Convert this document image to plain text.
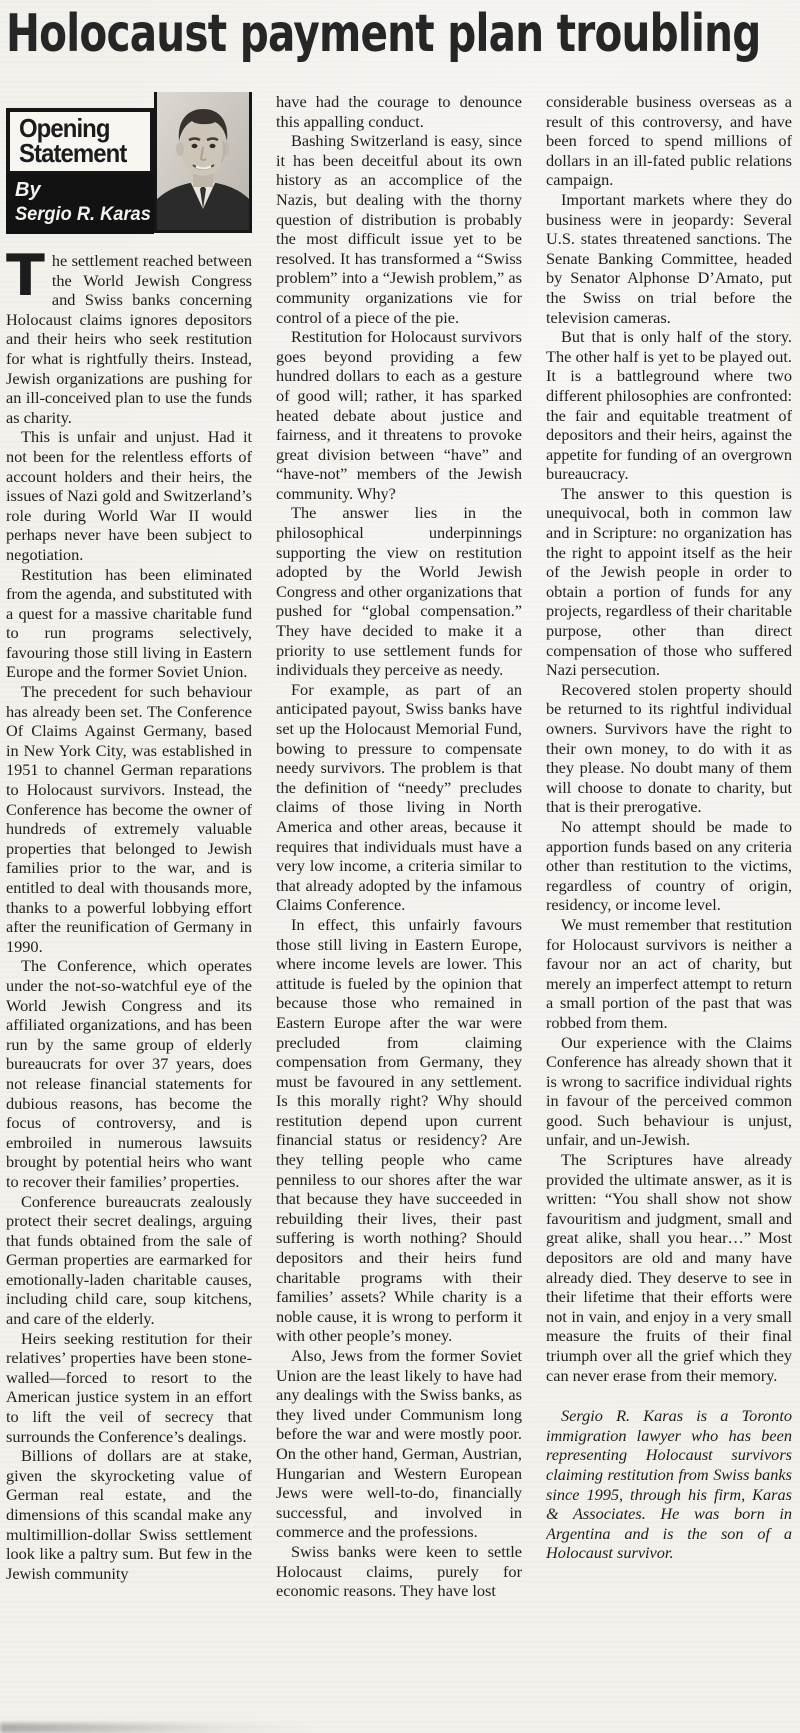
Holocaust payment plan troubling
Opening
Statement
By
Sergio R. Karas

The settlement reached between the World Jewish Congress and Swiss banks concerning Holocaust claims ignores depositors and their heirs who seek restitution for what is rightfully theirs. Instead, Jewish organizations are pushing for an ill-conceived plan to use the funds as charity.

This is unfair and unjust. Had it not been for the relentless efforts of account holders and their heirs, the issues of Nazi gold and Switzerland’s role during World War II would perhaps never have been subject to negotiation.

Restitution has been eliminated from the agenda, and substituted with a quest for a massive charitable fund to run programs selectively, favouring those still living in Eastern Europe and the former Soviet Union.

The precedent for such behaviour has already been set. The Conference Of Claims Against Germany, based in New York City, was established in 1951 to channel German reparations to Holocaust survivors. Instead, the Conference has become the owner of hundreds of extremely valuable properties that belonged to Jewish families prior to the war, and is entitled to deal with thousands more, thanks to a powerful lobbying effort after the reunification of Germany in 1990.

The Conference, which operates under the not-so-watchful eye of the World Jewish Congress and its affiliated organizations, and has been run by the same group of elderly bureaucrats for over 37 years, does not release financial statements for dubious reasons, has become the focus of controversy, and is embroiled in numerous lawsuits brought by potential heirs who want to recover their families’ properties.

Conference bureaucrats zealously protect their secret dealings, arguing that funds obtained from the sale of German properties are earmarked for emotionally-laden charitable causes, including child care, soup kitchens, and care of the elderly.

Heirs seeking restitution for their relatives’ properties have been stone-walled—forced to resort to the American justice system in an effort to lift the veil of secrecy that surrounds the Conference’s dealings.

Billions of dollars are at stake, given the skyrocketing value of German real estate, and the dimensions of this scandal make any multimillion-dollar Swiss settlement look like a paltry sum. But few in the Jewish community

have had the courage to denounce this appalling conduct.

Bashing Switzerland is easy, since it has been deceitful about its own history as an accomplice of the Nazis, but dealing with the thorny question of distribution is probably the most difficult issue yet to be resolved. It has transformed a “Swiss problem” into a “Jewish problem,” as community organizations vie for control of a piece of the pie.

Restitution for Holocaust survivors goes beyond providing a few hundred dollars to each as a gesture of good will; rather, it has sparked heated debate about justice and fairness, and it threatens to provoke great division between “have” and “have-not” members of the Jewish community. Why?

The answer lies in the philosophical underpinnings supporting the view on restitution adopted by the World Jewish Congress and other organizations that pushed for “global compensation.” They have decided to make it a priority to use settlement funds for individuals they perceive as needy.

For example, as part of an anticipated payout, Swiss banks have set up the Holocaust Memorial Fund, bowing to pressure to compensate needy survivors. The problem is that the definition of “needy” precludes claims of those living in North America and other areas, because it requires that individuals must have a very low income, a criteria similar to that already adopted by the infamous Claims Conference.

In effect, this unfairly favours those still living in Eastern Europe, where income levels are lower. This attitude is fueled by the opinion that because those who remained in Eastern Europe after the war were precluded from claiming compensation from Germany, they must be favoured in any settlement. Is this morally right? Why should restitution depend upon current financial status or residency? Are they telling people who came penniless to our shores after the war that because they have succeeded in rebuilding their lives, their past suffering is worth nothing? Should depositors and their heirs fund charitable programs with their families’ assets? While charity is a noble cause, it is wrong to perform it with other people’s money.

Also, Jews from the former Soviet Union are the least likely to have had any dealings with the Swiss banks, as they lived under Communism long before the war and were mostly poor. On the other hand, German, Austrian, Hungarian and Western European Jews were well-to-do, financially successful, and involved in commerce and the professions.

Swiss banks were keen to settle Holocaust claims, purely for economic reasons. They have lost

considerable business overseas as a result of this controversy, and have been forced to spend millions of dollars in an ill-fated public relations campaign.

Important markets where they do business were in jeopardy: Several U.S. states threatened sanctions. The Senate Banking Committee, headed by Senator Alphonse D’Amato, put the Swiss on trial before the television cameras.

But that is only half of the story. The other half is yet to be played out. It is a battleground where two different philosophies are confronted: the fair and equitable treatment of depositors and their heirs, against the appetite for funding of an overgrown bureaucracy.

The answer to this question is unequivocal, both in common law and in Scripture: no organization has the right to appoint itself as the heir of the Jewish people in order to obtain a portion of funds for any projects, regardless of their charitable purpose, other than direct compensation of those who suffered Nazi persecution.

Recovered stolen property should be returned to its rightful individual owners. Survivors have the right to their own money, to do with it as they please. No doubt many of them will choose to donate to charity, but that is their prerogative.

No attempt should be made to apportion funds based on any criteria other than restitution to the victims, regardless of country of origin, residency, or income level.

We must remember that restitution for Holocaust survivors is neither a favour nor an act of charity, but merely an imperfect attempt to return a small portion of the past that was robbed from them.

Our experience with the Claims Conference has already shown that it is wrong to sacrifice individual rights in favour of the perceived common good. Such behaviour is unjust, unfair, and un-Jewish.

The Scriptures have already provided the ultimate answer, as it is written: “You shall show not show favouritism and judgment, small and great alike, shall you hear…” Most depositors are old and many have already died. They deserve to see in their lifetime that their efforts were not in vain, and enjoy in a very small measure the fruits of their final triumph over all the grief which they can never erase from their memory.

Sergio R. Karas is a Toronto immigration lawyer who has been representing Holocaust survivors claiming restitution from Swiss banks since 1995, through his firm, Karas & Associates. He was born in Argentina and is the son of a Holocaust survivor.
